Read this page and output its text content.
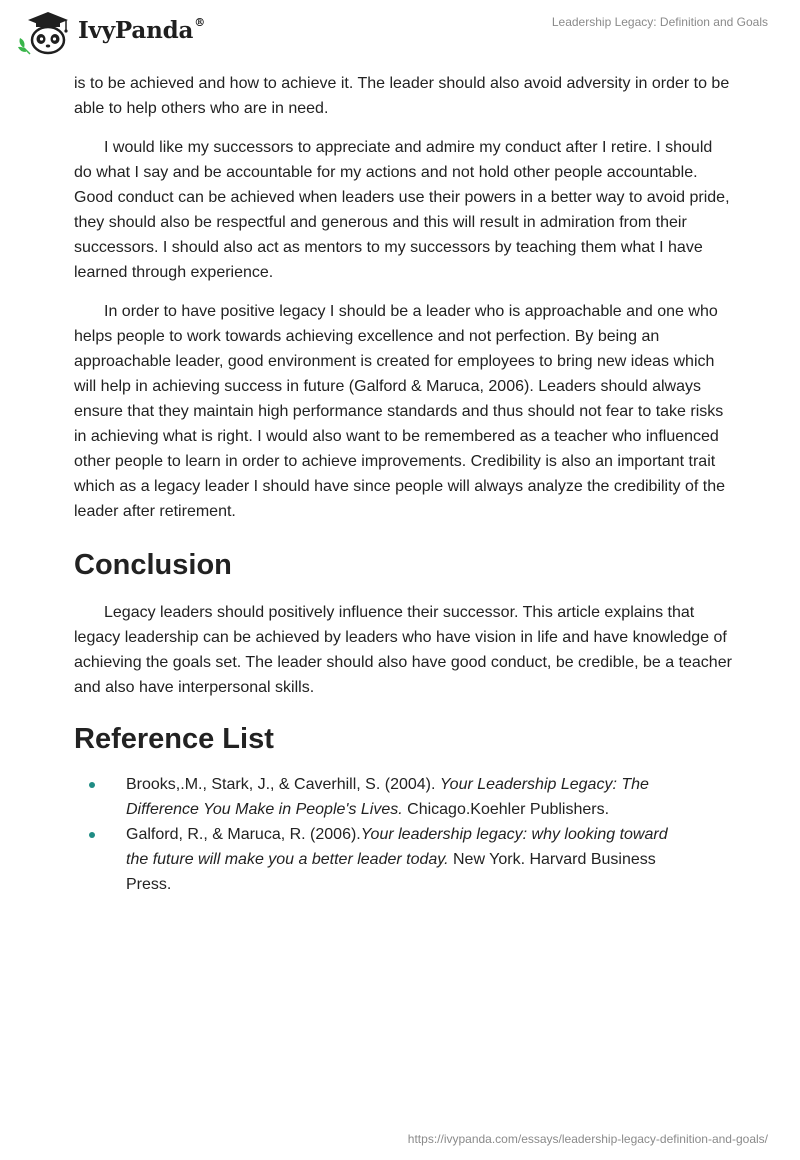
IvyPanda®	Leadership Legacy: Definition and Goals

is to be achieved and how to achieve it. The leader should also avoid adversity in order to be able to help others who are in need.

I would like my successors to appreciate and admire my conduct after I retire. I should do what I say and be accountable for my actions and not hold other people accountable. Good conduct can be achieved when leaders use their powers in a better way to avoid pride, they should also be respectful and generous and this will result in admiration from their successors. I should also act as mentors to my successors by teaching them what I have learned through experience.

In order to have positive legacy I should be a leader who is approachable and one who helps people to work towards achieving excellence and not perfection. By being an approachable leader, good environment is created for employees to bring new ideas which will help in achieving success in future (Galford & Maruca, 2006). Leaders should always ensure that they maintain high performance standards and thus should not fear to take risks in achieving what is right. I would also want to be remembered as a teacher who influenced other people to learn in order to achieve improvements. Credibility is also an important trait which as a legacy leader I should have since people will always analyze the credibility of the leader after retirement.

Conclusion

Legacy leaders should positively influence their successor. This article explains that legacy leadership can be achieved by leaders who have vision in life and have knowledge of achieving the goals set. The leader should also have good conduct, be credible, be a teacher and also have interpersonal skills.

Reference List
Brooks,.M., Stark, J., & Caverhill, S. (2004). Your Leadership Legacy: The Difference You Make in People's Lives. Chicago.Koehler Publishers.
Galford, R., & Maruca, R. (2006).Your leadership legacy: why looking toward the future will make you a better leader today. New York. Harvard Business Press.
https://ivypanda.com/essays/leadership-legacy-definition-and-goals/
